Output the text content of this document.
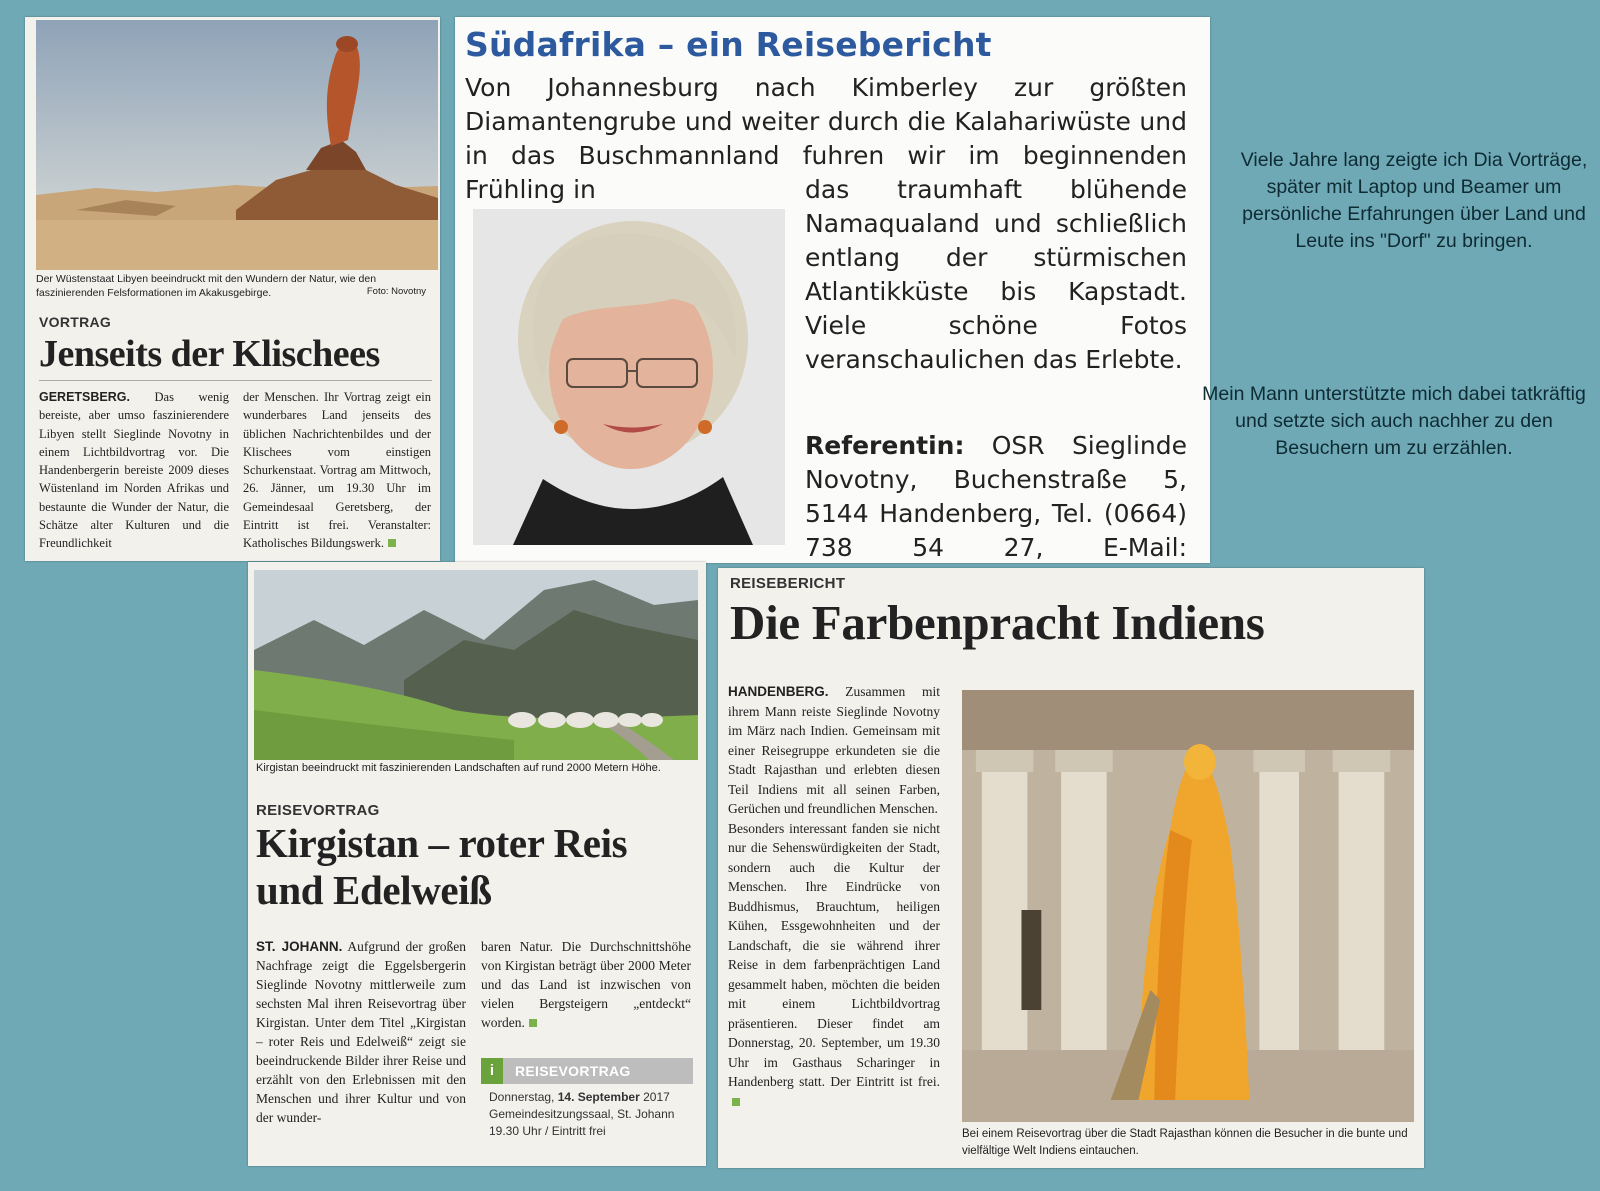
Der Wüstenstaat Libyen beeindruckt mit den Wundern der Natur, wie den faszinierenden Felsformationen im Akakusgebirge.	Foto: Novotny
VORTRAG
Jenseits der Klischees
GERETSBERG. Das wenig bereiste, aber umso faszinierendere Libyen stellt Sieglinde Novotny in einem Lichtbildvortrag vor. Die Handenbergerin bereiste 2009 dieses Wüstenland im Norden Afrikas und bestaunte die Wunder der Natur, die Schätze alter Kulturen und die Freundlichkeit
der Menschen. Ihr Vortrag zeigt ein wunderbares Land jenseits des üblichen Nachrichtenbildes und der Klischees vom einstigen Schurkenstaat. Vortrag am Mittwoch, 26. Jänner, um 19.30 Uhr im Gemeindesaal Geretsberg, der Eintritt ist frei. Veranstalter: Katholisches Bildungswerk.
Südafrika – ein Reisebericht
Von Johannesburg nach Kimberley zur größten Diamantengrube und weiter durch die Kalahariwüste und in das Buschmannland fuhren wir im beginnenden Frühling in	das traumhaft blühende Namaqualand und schließlich entlang der stürmischen Atlantikküste bis Kapstadt. Viele schöne Fotos veranschaulichen das Erlebte.
Referentin: OSR Sieglinde Novotny, Buchenstraße 5, 5144 Handenberg, Tel. (0664) 738 54 27, E-Mail:
Viele Jahre lang zeigte ich Dia Vorträge, später mit Laptop und Beamer um persönliche Erfahrungen über Land und Leute ins "Dorf" zu bringen.
Mein Mann unterstützte mich dabei tatkräftig und setzte sich auch nachher zu den Besuchern um zu erzählen.
Kirgistan beeindruckt mit faszinierenden Landschaften auf rund 2000 Metern Höhe.
REISEVORTRAG
Kirgistan – roter Reis und Edelweiß
ST. JOHANN. Aufgrund der großen Nachfrage zeigt die Eggelsbergerin Sieglinde Novotny mittlerweile zum sechsten Mal ihren Reisevortrag über Kirgistan. Unter dem Titel „Kirgistan – roter Reis und Edelweiß“ zeigt sie beeindruckende Bilder ihrer Reise und erzählt von den Erlebnissen mit den Menschen und ihrer Kultur und von der wunder-
baren Natur. Die Durchschnittshöhe von Kirgistan beträgt über 2000 Meter und das Land ist inzwischen von vielen Bergsteigern „entdeckt“ worden.
i	REISEVORTRAG
Donnerstag, 14. September 2017
Gemeindesitzungssaal, St. Johann
19.30 Uhr / Eintritt frei
REISEBERICHT
Die Farbenpracht Indiens
HANDENBERG. Zusammen mit ihrem Mann reiste Sieglinde Novotny im März nach Indien. Gemeinsam mit einer Reisegruppe erkundeten sie die Stadt Rajasthan und erlebten diesen Teil Indiens mit all seinen Farben, Gerüchen und freundlichen Menschen.
Besonders interessant fanden sie nicht nur die Sehenswürdigkeiten der Stadt, sondern auch die Kultur der Menschen. Ihre Eindrücke von Buddhismus, Brauchtum, heiligen Kühen, Essgewohnheiten und der Landschaft, die sie während ihrer Reise in dem farbenprächtigen Land gesammelt haben, möchten die beiden mit einem Lichtbildvortrag präsentieren. Dieser findet am Donnerstag, 20. September, um 19.30 Uhr im Gasthaus Scharinger in Handenberg statt. Der Eintritt ist frei.
Bei einem Reisevortrag über die Stadt Rajasthan können die Besucher in die bunte und vielfältige Welt Indiens eintauchen.
